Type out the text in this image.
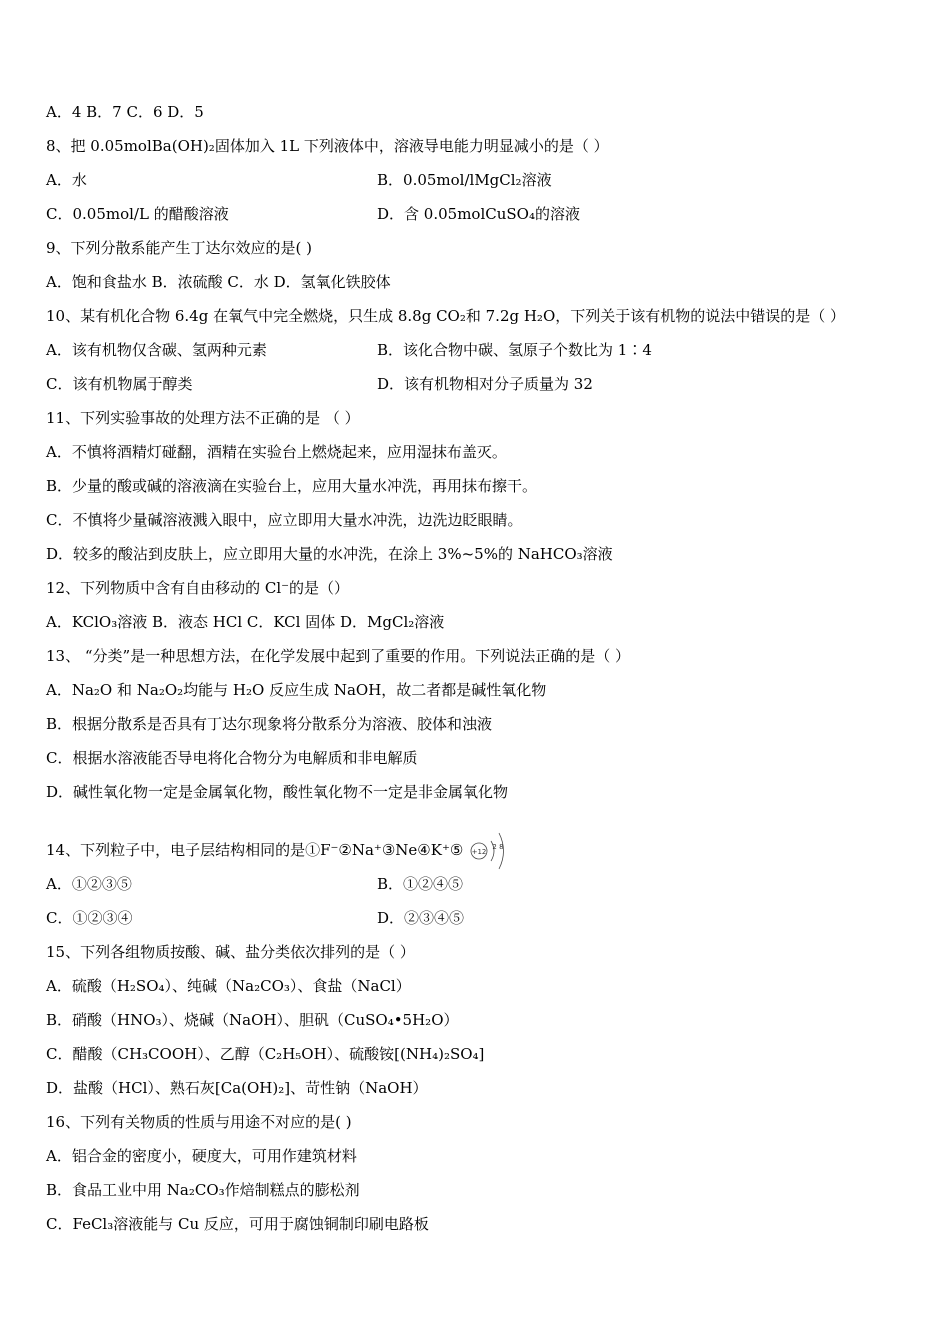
A．4 B．7 C．6 D．5
8、把 0.05molBa(OH)₂固体加入 1L 下列液体中，溶液导电能力明显减小的是（ ）
A．水	B．0.05mol/lMgCl₂溶液
C．0.05mol/L 的醋酸溶液	D．含 0.05molCuSO₄的溶液
9、下列分散系能产生丁达尔效应的是( )
A．饱和食盐水 B．浓硫酸 C．水 D．氢氧化铁胶体
10、某有机化合物 6.4g 在氧气中完全燃烧，只生成 8.8g CO₂和 7.2g H₂O，下列关于该有机物的说法中错误的是（ ）
A．该有机物仅含碳、氢两种元素	B．该化合物中碳、氢原子个数比为 1∶4
C．该有机物属于醇类	D．该有机物相对分子质量为 32
11、下列实验事故的处理方法不正确的是 （ ）
A．不慎将酒精灯碰翻，酒精在实验台上燃烧起来，应用湿抹布盖灭。
B．少量的酸或碱的溶液滴在实验台上，应用大量水冲洗，再用抹布擦干。
C．不慎将少量碱溶液溅入眼中，应立即用大量水冲洗，边洗边眨眼睛。
D．较多的酸沾到皮肤上，应立即用大量的水冲洗，在涂上 3%~5%的 NaHCO₃溶液
12、下列物质中含有自由移动的 Cl⁻的是（）
A．KClO₃溶液 B．液态 HCl C．KCl 固体 D．MgCl₂溶液
13、 “分类”是一种思想方法，在化学发展中起到了重要的作用。下列说法正确的是（ ）
A．Na₂O 和 Na₂O₂均能与 H₂O 反应生成 NaOH，故二者都是碱性氧化物
B．根据分散系是否具有丁达尔现象将分散系分为溶液、胶体和浊液
C．根据水溶液能否导电将化合物分为电解质和非电解质
D．碱性氧化物一定是金属氧化物，酸性氧化物不一定是非金属氧化物
14、下列粒子中，电子层结构相同的是①F⁻②Na⁺③Ne④K⁺⑤ +12
2 8
A．①②③⑤	B．①②④⑤
C．①②③④	D．②③④⑤
15、下列各组物质按酸、碱、盐分类依次排列的是（ ）
A．硫酸（H₂SO₄）、纯碱（Na₂CO₃）、食盐（NaCl）
B．硝酸（HNO₃）、烧碱（NaOH）、胆矾（CuSO₄•5H₂O）
C．醋酸（CH₃COOH）、乙醇（C₂H₅OH）、硫酸铵[(NH₄)₂SO₄]
D．盐酸（HCl）、熟石灰[Ca(OH)₂]、苛性钠（NaOH）
16、下列有关物质的性质与用途不对应的是( )
A．铝合金的密度小，硬度大，可用作建筑材料
B．食品工业中用 Na₂CO₃作焙制糕点的膨松剂
C．FeCl₃溶液能与 Cu 反应，可用于腐蚀铜制印刷电路板
